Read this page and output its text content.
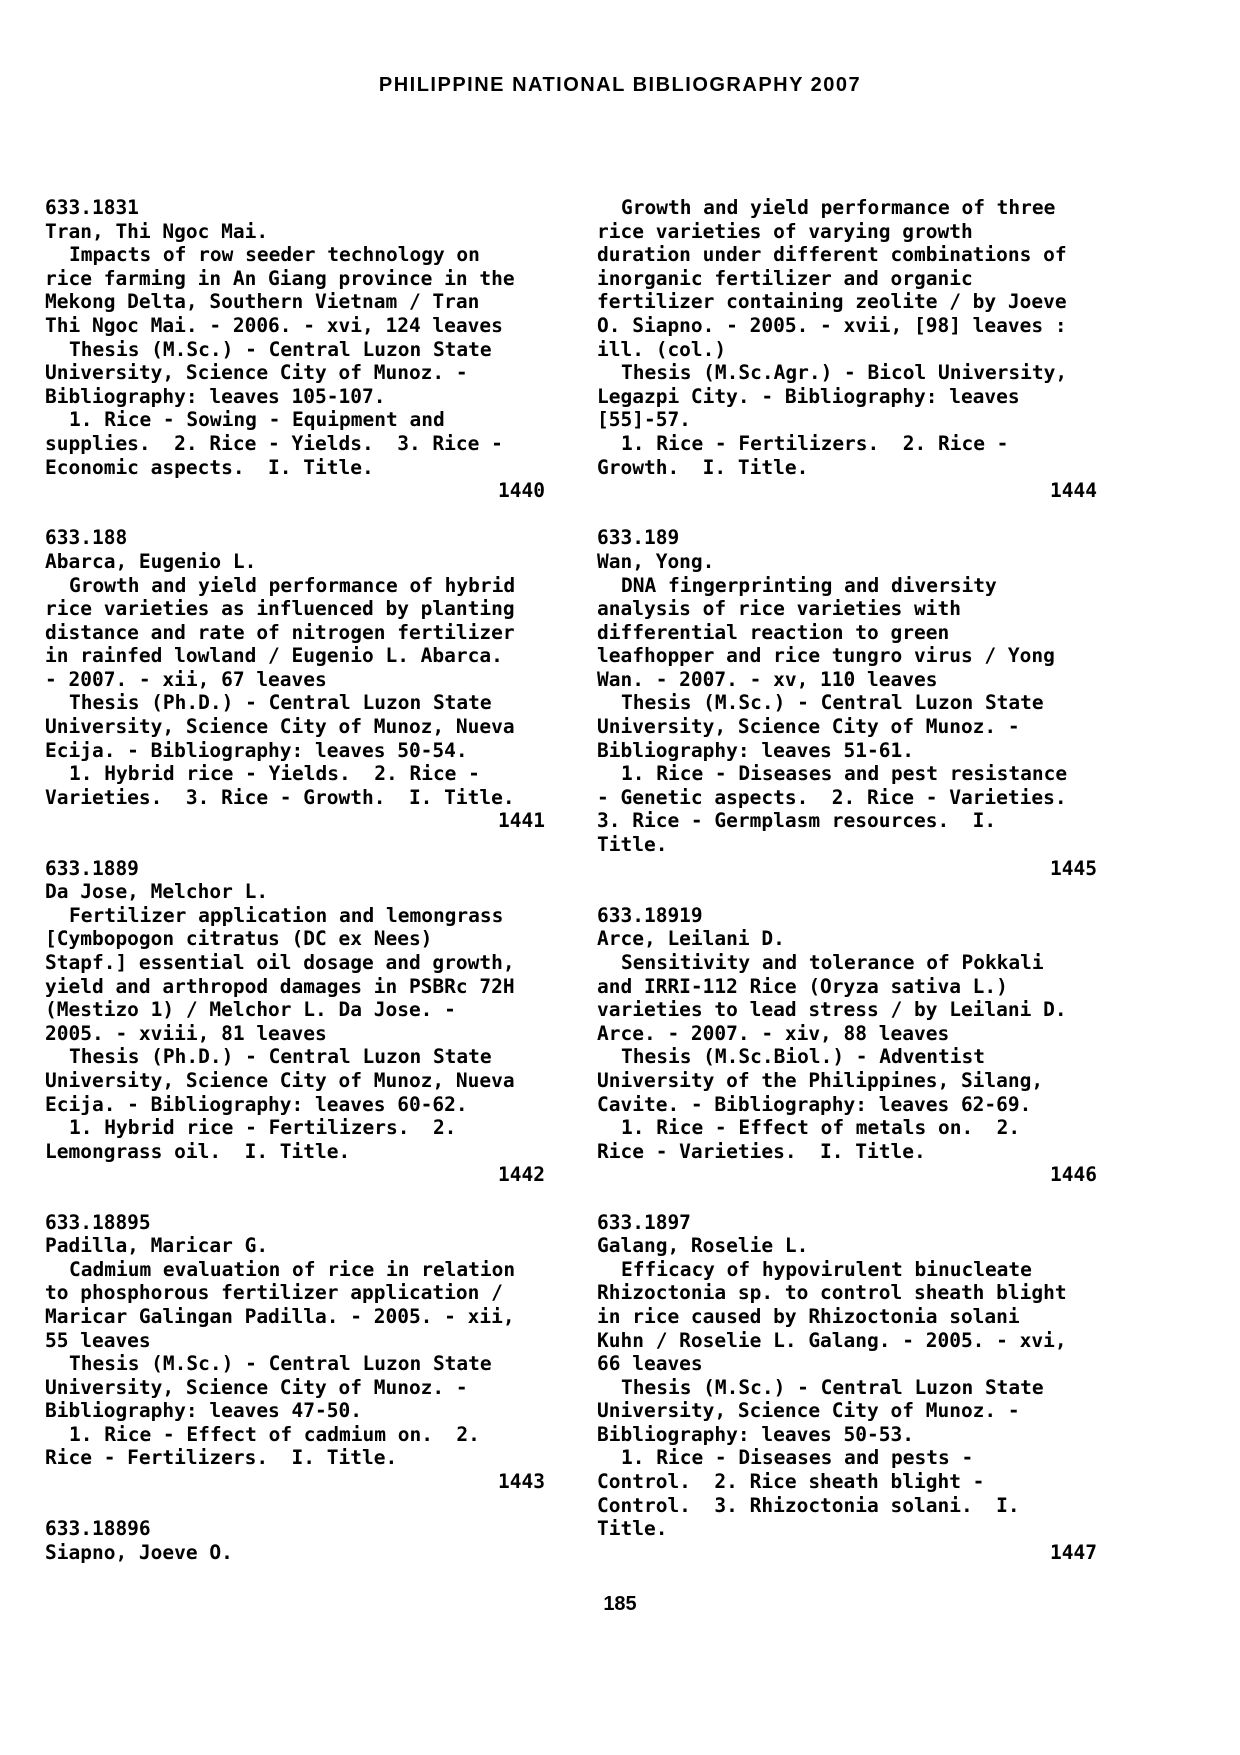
PHILIPPINE NATIONAL BIBLIOGRAPHY 2007
633.1831
Tran, Thi Ngoc Mai.
Impacts of row seeder technology on
rice farming in An Giang province in the
Mekong Delta, Southern Vietnam / Tran
Thi Ngoc Mai. - 2006. - xvi, 124 leaves
Thesis (M.Sc.) - Central Luzon State
University, Science City of Munoz. -
Bibliography: leaves 105-107.
1. Rice - Sowing - Equipment and
supplies.  2. Rice - Yields.  3. Rice -
Economic aspects.  I. Title.
1440
633.188
Abarca, Eugenio L.
Growth and yield performance of hybrid
rice varieties as influenced by planting
distance and rate of nitrogen fertilizer
in rainfed lowland / Eugenio L. Abarca.
- 2007. - xii, 67 leaves
Thesis (Ph.D.) - Central Luzon State
University, Science City of Munoz, Nueva
Ecija. - Bibliography: leaves 50-54.
1. Hybrid rice - Yields.  2. Rice -
Varieties.  3. Rice - Growth.  I. Title.
1441
633.1889
Da Jose, Melchor L.
Fertilizer application and lemongrass
[Cymbopogon citratus (DC ex Nees)
Stapf.] essential oil dosage and growth,
yield and arthropod damages in PSBRc 72H
(Mestizo 1) / Melchor L. Da Jose. -
2005. - xviii, 81 leaves
Thesis (Ph.D.) - Central Luzon State
University, Science City of Munoz, Nueva
Ecija. - Bibliography: leaves 60-62.
1. Hybrid rice - Fertilizers.  2.
Lemongrass oil.  I. Title.
1442
633.18895
Padilla, Maricar G.
Cadmium evaluation of rice in relation
to phosphorous fertilizer application /
Maricar Galingan Padilla. - 2005. - xii,
55 leaves
Thesis (M.Sc.) - Central Luzon State
University, Science City of Munoz. -
Bibliography: leaves 47-50.
1. Rice - Effect of cadmium on.  2.
Rice - Fertilizers.  I. Title.
1443
633.18896
Siapno, Joeve O.
Growth and yield performance of three
rice varieties of varying growth
duration under different combinations of
inorganic fertilizer and organic
fertilizer containing zeolite / by Joeve
O. Siapno. - 2005. - xvii, [98] leaves :
ill. (col.)
Thesis (M.Sc.Agr.) - Bicol University,
Legazpi City. - Bibliography: leaves
[55]-57.
1. Rice - Fertilizers.  2. Rice -
Growth.  I. Title.
1444
633.189
Wan, Yong.
DNA fingerprinting and diversity
analysis of rice varieties with
differential reaction to green
leafhopper and rice tungro virus / Yong
Wan. - 2007. - xv, 110 leaves
Thesis (M.Sc.) - Central Luzon State
University, Science City of Munoz. -
Bibliography: leaves 51-61.
1. Rice - Diseases and pest resistance
- Genetic aspects.  2. Rice - Varieties.
3. Rice - Germplasm resources.  I.
Title.
1445
633.18919
Arce, Leilani D.
Sensitivity and tolerance of Pokkali
and IRRI-112 Rice (Oryza sativa L.)
varieties to lead stress / by Leilani D.
Arce. - 2007. - xiv, 88 leaves
Thesis (M.Sc.Biol.) - Adventist
University of the Philippines, Silang,
Cavite. - Bibliography: leaves 62-69.
1. Rice - Effect of metals on.  2.
Rice - Varieties.  I. Title.
1446
633.1897
Galang, Roselie L.
Efficacy of hypovirulent binucleate
Rhizoctonia sp. to control sheath blight
in rice caused by Rhizoctonia solani
Kuhn / Roselie L. Galang. - 2005. - xvi,
66 leaves
Thesis (M.Sc.) - Central Luzon State
University, Science City of Munoz. -
Bibliography: leaves 50-53.
1. Rice - Diseases and pests -
Control.  2. Rice sheath blight -
Control.  3. Rhizoctonia solani.  I.
Title.
1447
185
